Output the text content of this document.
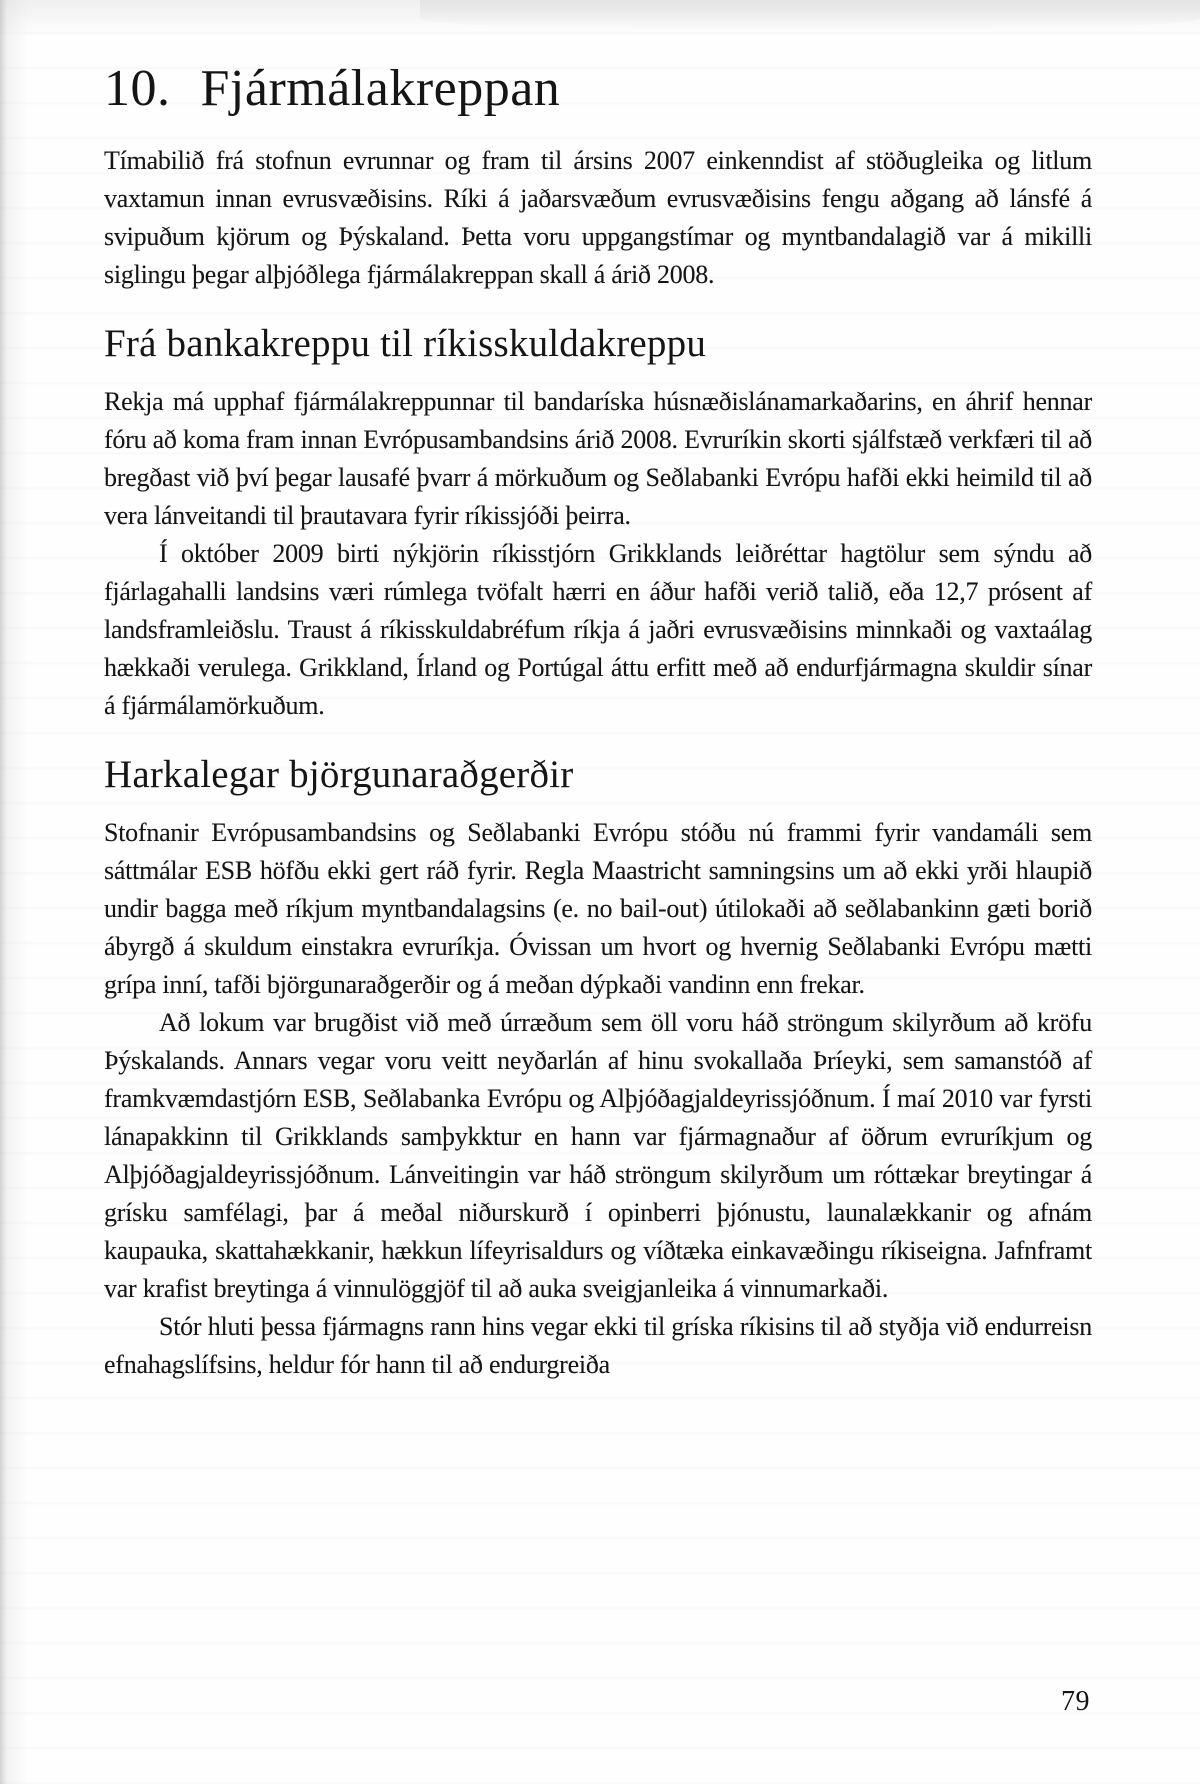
10. Fjármálakreppan

Tímabilið frá stofnun evrunnar og fram til ársins 2007 einkenndist af stöðugleika og litlum vaxtamun innan evrusvæðisins. Ríki á jaðarsvæðum evrusvæðisins fengu aðgang að lánsfé á svipuðum kjörum og Þýskaland. Þetta voru uppgangstímar og myntbandalagið var á mikilli siglingu þegar alþjóðlega fjármálakreppan skall á árið 2008.

Frá bankakreppu til ríkisskuldakreppu

Rekja má upphaf fjármálakreppunnar til bandaríska húsnæðislánamarkaðarins, en áhrif hennar fóru að koma fram innan Evrópusambandsins árið 2008. Evruríkin skorti sjálfstæð verkfæri til að bregðast við því þegar lausafé þvarr á mörkuðum og Seðlabanki Evrópu hafði ekki heimild til að vera lánveitandi til þrautavara fyrir ríkissjóði þeirra.

Í október 2009 birti nýkjörin ríkisstjórn Grikklands leiðréttar hagtölur sem sýndu að fjárlagahalli landsins væri rúmlega tvöfalt hærri en áður hafði verið talið, eða 12,7 prósent af landsframleiðslu. Traust á ríkisskuldabréfum ríkja á jaðri evrusvæðisins minnkaði og vaxtaálag hækkaði verulega. Grikkland, Írland og Portúgal áttu erfitt með að endurfjármagna skuldir sínar á fjármálamörkuðum.

Harkalegar björgunaraðgerðir

Stofnanir Evrópusambandsins og Seðlabanki Evrópu stóðu nú frammi fyrir vandamáli sem sáttmálar ESB höfðu ekki gert ráð fyrir. Regla Maastricht samningsins um að ekki yrði hlaupið undir bagga með ríkjum myntbandalagsins (e. no bail-out) útilokaði að seðlabankinn gæti borið ábyrgð á skuldum einstakra evruríkja. Óvissan um hvort og hvernig Seðlabanki Evrópu mætti grípa inní, tafði björgunaraðgerðir og á meðan dýpkaði vandinn enn frekar.

Að lokum var brugðist við með úrræðum sem öll voru háð ströngum skilyrðum að kröfu Þýskalands. Annars vegar voru veitt neyðarlán af hinu svokallaða Þríeyki, sem samanstóð af framkvæmdastjórn ESB, Seðlabanka Evrópu og Alþjóðagjaldeyrissjóðnum. Í maí 2010 var fyrsti lánapakkinn til Grikklands samþykktur en hann var fjármagnaður af öðrum evruríkjum og Alþjóðagjaldeyrissjóðnum. Lánveitingin var háð ströngum skilyrðum um róttækar breytingar á grísku samfélagi, þar á meðal niðurskurð í opinberri þjónustu, launalækkanir og afnám kaupauka, skattahækkanir, hækkun lífeyrisaldurs og víðtæka einkavæðingu ríkiseigna. Jafnframt var krafist breytinga á vinnulöggjöf til að auka sveigjanleika á vinnumarkaði.

Stór hluti þessa fjármagns rann hins vegar ekki til gríska ríkisins til að styðja við endurreisn efnahagslífsins, heldur fór hann til að endurgreiða

79
